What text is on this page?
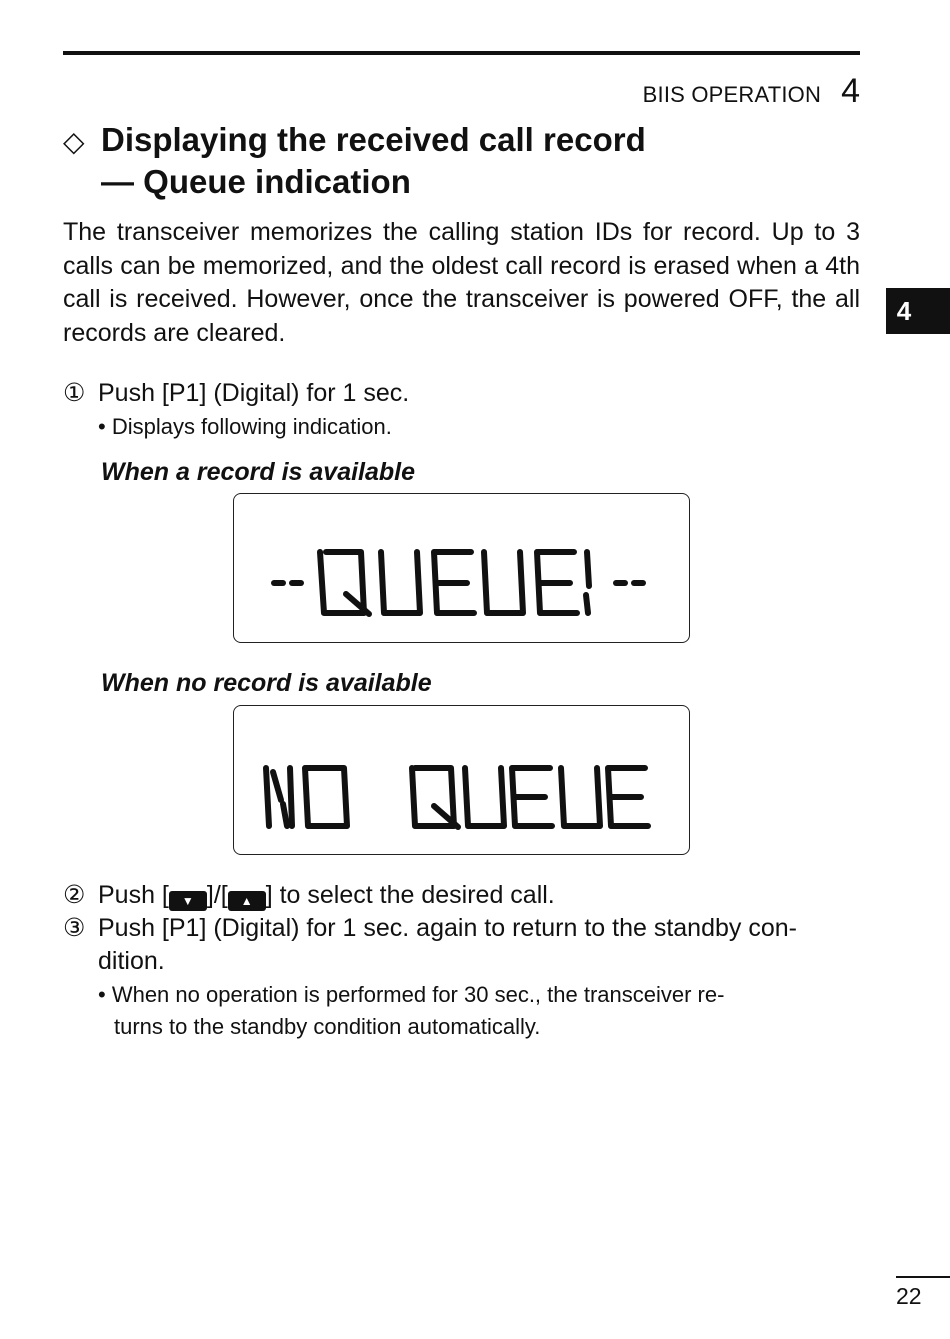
BIIS OPERATION 4
◇ Displaying the received call record
— Queue indication
The transceiver memorizes the calling station IDs for record. Up to 3 calls can be memorized, and the oldest call record is erased when a 4th call is received. However, once the transceiver is powered OFF, the all records are cleared.
① Push [P1] (Digital) for 1 sec.
• Displays following indication.
When a record is available
When no record is available
② Push [ ▼ ]/[ ▲ ] to select the desired call.
③ Push [P1] (Digital) for 1 sec. again to return to the standby con-
dition.
• When no operation is performed for 30 sec., the transceiver re-
turns to the standby condition automatically.
4
22
